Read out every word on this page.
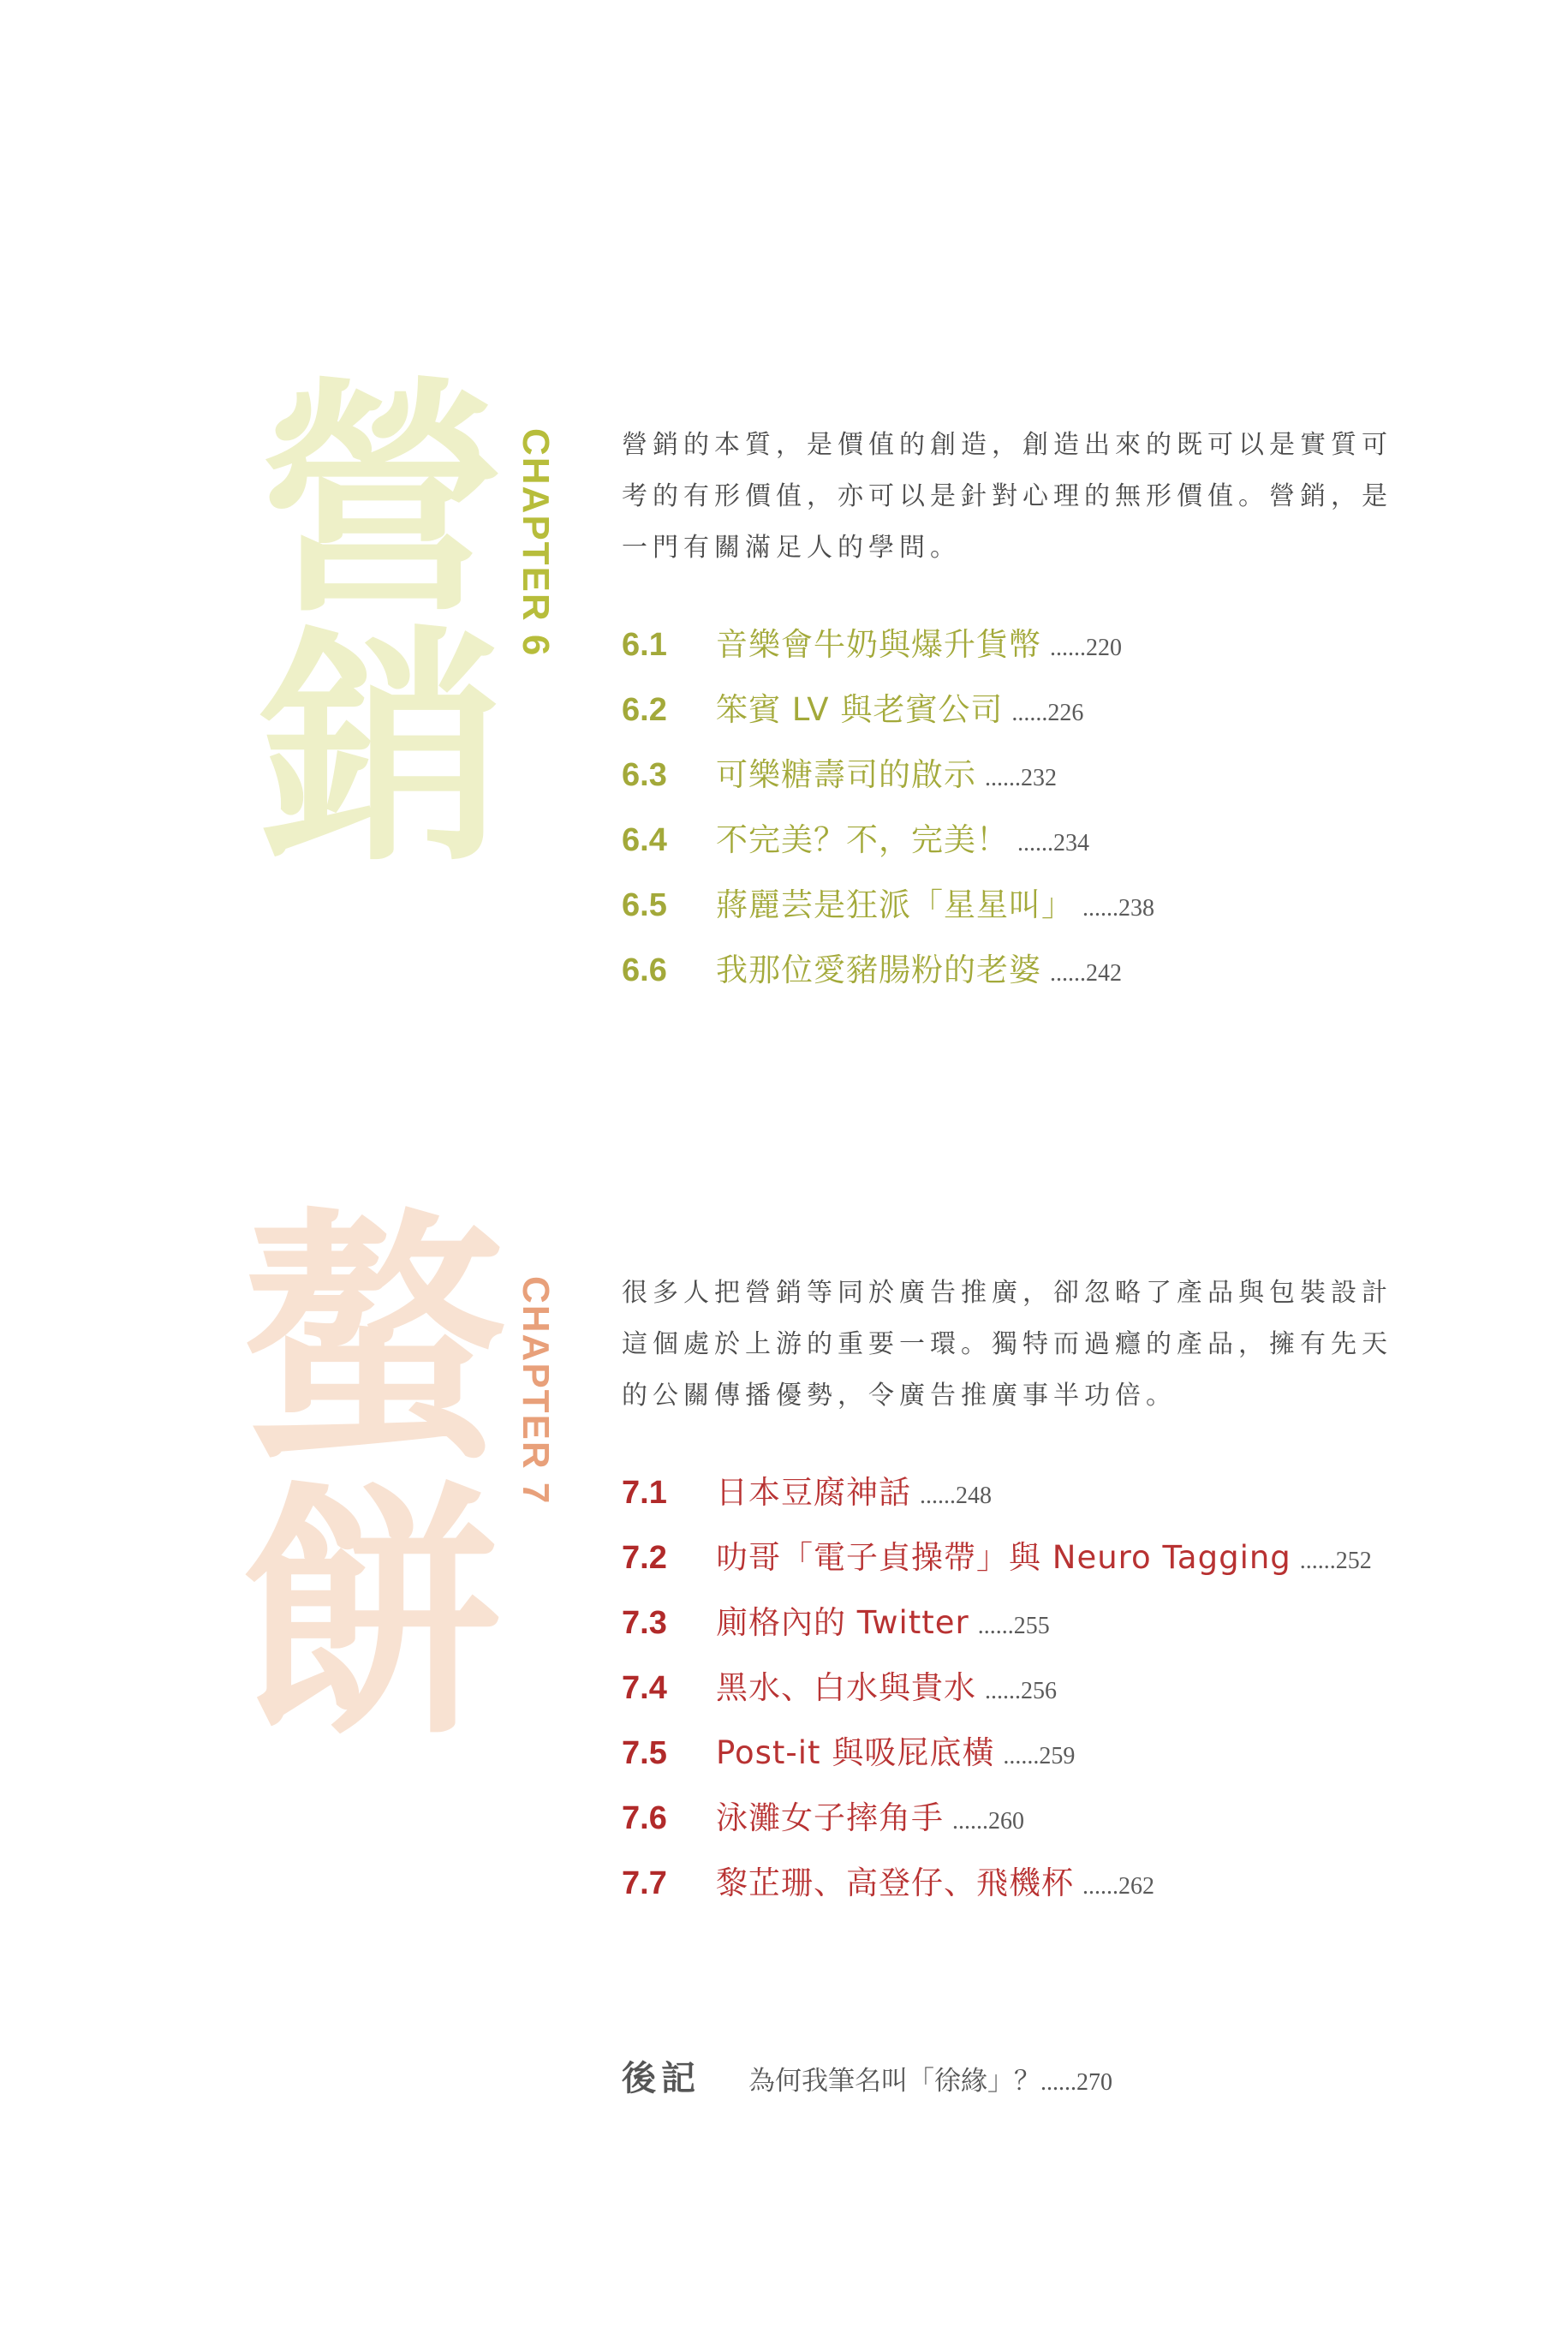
營
銷
CHAPTER 6	營銷的本質，是價值的創造，創造出來的既可以是實質可
考的有形價值，亦可以是針對心理的無形價值。營銷，是
一門有關滿足人的學問。
6.1	音樂會牛奶與爆升貨幣 ......220
6.2	笨賓 LV 與老賓公司 ......226
6.3	可樂糖壽司的啟示 ......232
6.4	不完美？不，完美！ ......234
6.5	蔣麗芸是狂派「星星叫」 ......238
6.6	我那位愛豬腸粉的老婆 ......242
螯
餅
CHAPTER 7	很多人把營銷等同於廣告推廣，卻忽略了產品與包裝設計
這個處於上游的重要一環。獨特而過癮的產品，擁有先天
的公關傳播優勢，令廣告推廣事半功倍。
7.1	日本豆腐神話 ......248
7.2	叻哥「電子貞操帶」與 Neuro Tagging ......252
7.3	廁格內的 Twitter ......255
7.4	黑水、白水與貴水 ......256
7.5	Post-it 與吸屁底橫 ......259
7.6	泳灘女子摔角手 ......260
7.7	黎芷珊、高登仔、飛機杯 ......262
後記	為何我筆名叫「徐緣」？ ......270
